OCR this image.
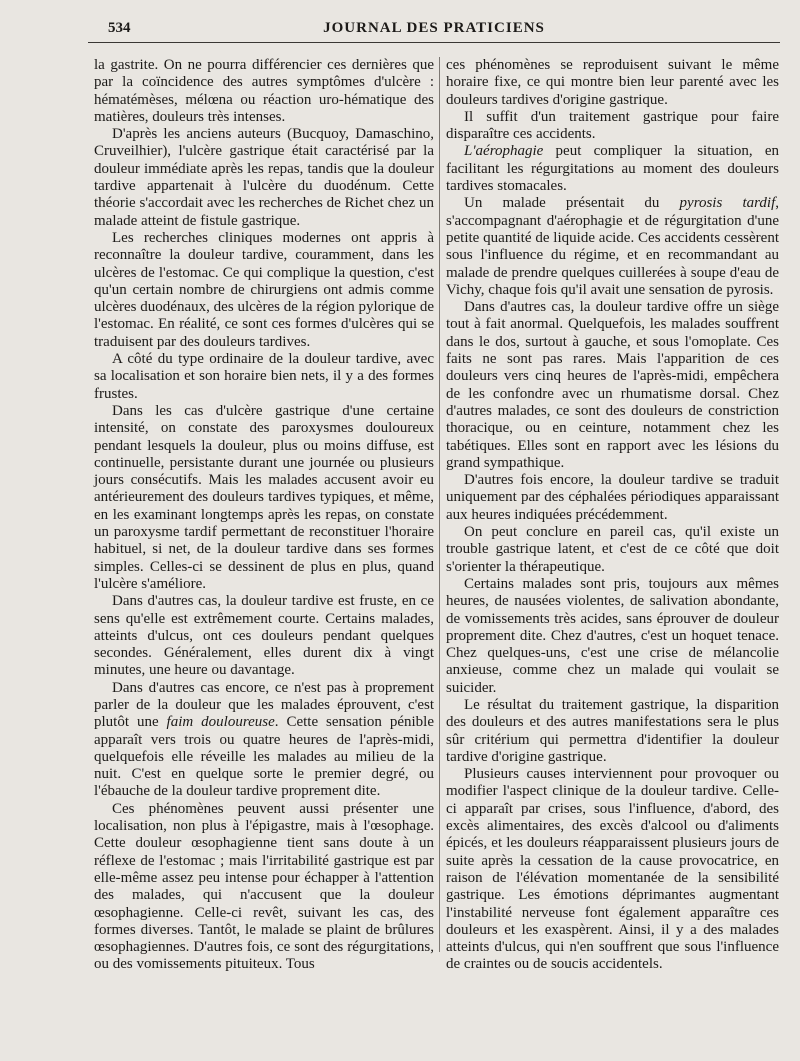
534	JOURNAL DES PRATICIENS

la gastrite. On ne pourra différencier ces dernières que par la coïncidence des autres symptômes d'ulcère : hématémèses, mélœna ou réaction uro-hématique des matières, douleurs très intenses.

D'après les anciens auteurs (Bucquoy, Damaschino, Cruveilhier), l'ulcère gastrique était caractérisé par la douleur immédiate après les repas, tandis que la douleur tardive appartenait à l'ulcère du duodénum. Cette théorie s'accordait avec les recherches de Richet chez un malade atteint de fistule gastrique.

Les recherches cliniques modernes ont appris à reconnaître la douleur tardive, couramment, dans les ulcères de l'estomac. Ce qui complique la question, c'est qu'un certain nombre de chirurgiens ont admis comme ulcères duodénaux, des ulcères de la région pylorique de l'estomac. En réalité, ce sont ces formes d'ulcères qui se traduisent par des douleurs tardives.

A côté du type ordinaire de la douleur tardive, avec sa localisation et son horaire bien nets, il y a des formes frustes.

Dans les cas d'ulcère gastrique d'une certaine intensité, on constate des paroxysmes douloureux pendant lesquels la douleur, plus ou moins diffuse, est continuelle, persistante durant une journée ou plusieurs jours consécutifs. Mais les malades accusent avoir eu antérieurement des douleurs tardives typiques, et même, en les examinant longtemps après les repas, on constate un paroxysme tardif permettant de reconstituer l'horaire habituel, si net, de la douleur tardive dans ses formes simples. Celles-ci se dessinent de plus en plus, quand l'ulcère s'améliore.

Dans d'autres cas, la douleur tardive est fruste, en ce sens qu'elle est extrêmement courte. Certains malades, atteints d'ulcus, ont ces douleurs pendant quelques secondes. Généralement, elles durent dix à vingt minutes, une heure ou davantage.

Dans d'autres cas encore, ce n'est pas à proprement parler de la douleur que les malades éprouvent, c'est plutôt une faim douloureuse. Cette sensation pénible apparaît vers trois ou quatre heures de l'après-midi, quelquefois elle réveille les malades au milieu de la nuit. C'est en quelque sorte le premier degré, ou l'ébauche de la douleur tardive proprement dite.

Ces phénomènes peuvent aussi présenter une localisation, non plus à l'épigastre, mais à l'œsophage. Cette douleur œsophagienne tient sans doute à un réflexe de l'estomac ; mais l'irritabilité gastrique est par elle-même assez peu intense pour échapper à l'attention des malades, qui n'accusent que la douleur œsophagienne. Celle-ci revêt, suivant les cas, des formes diverses. Tantôt, le malade se plaint de brûlures œsophagiennes. D'autres fois, ce sont des régurgitations, ou des vomissements pituiteux. Tous

ces phénomènes se reproduisent suivant le même horaire fixe, ce qui montre bien leur parenté avec les douleurs tardives d'origine gastrique.

Il suffit d'un traitement gastrique pour faire disparaître ces accidents.

L'aérophagie peut compliquer la situation, en facilitant les régurgitations au moment des douleurs tardives stomacales.

Un malade présentait du pyrosis tardif, s'accompagnant d'aérophagie et de régurgitation d'une petite quantité de liquide acide. Ces accidents cessèrent sous l'influence du régime, et en recommandant au malade de prendre quelques cuillerées à soupe d'eau de Vichy, chaque fois qu'il avait une sensation de pyrosis.

Dans d'autres cas, la douleur tardive offre un siège tout à fait anormal. Quelquefois, les malades souffrent dans le dos, surtout à gauche, et sous l'omoplate. Ces faits ne sont pas rares. Mais l'apparition de ces douleurs vers cinq heures de l'après-midi, empêchera de les confondre avec un rhumatisme dorsal. Chez d'autres malades, ce sont des douleurs de constriction thoracique, ou en ceinture, notamment chez les tabétiques. Elles sont en rapport avec les lésions du grand sympathique.

D'autres fois encore, la douleur tardive se traduit uniquement par des céphalées périodiques apparaissant aux heures indiquées précédemment.

On peut conclure en pareil cas, qu'il existe un trouble gastrique latent, et c'est de ce côté que doit s'orienter la thérapeutique.

Certains malades sont pris, toujours aux mêmes heures, de nausées violentes, de salivation abondante, de vomissements très acides, sans éprouver de douleur proprement dite. Chez d'autres, c'est un hoquet tenace. Chez quelques-uns, c'est une crise de mélancolie anxieuse, comme chez un malade qui voulait se suicider.

Le résultat du traitement gastrique, la disparition des douleurs et des autres manifestations sera le plus sûr critérium qui permettra d'identifier la douleur tardive d'origine gastrique.

Plusieurs causes interviennent pour provoquer ou modifier l'aspect clinique de la douleur tardive. Celle-ci apparaît par crises, sous l'influence, d'abord, des excès alimentaires, des excès d'alcool ou d'aliments épicés, et les douleurs réapparaissent plusieurs jours de suite après la cessation de la cause provocatrice, en raison de l'élévation momentanée de la sensibilité gastrique. Les émotions déprimantes augmentant l'instabilité nerveuse font également apparaître ces douleurs et les exaspèrent. Ainsi, il y a des malades atteints d'ulcus, qui n'en souffrent que sous l'influence de craintes ou de soucis accidentels.
